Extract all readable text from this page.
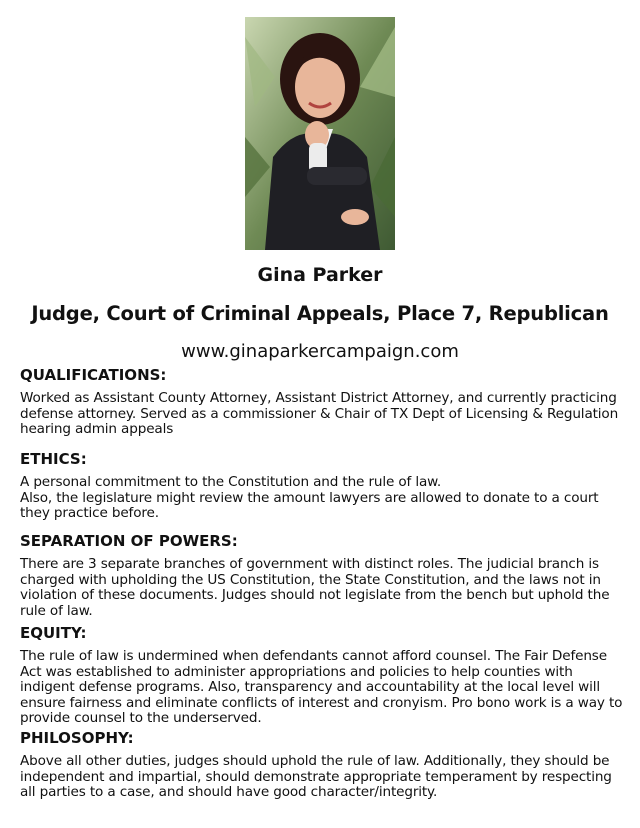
Gina Parker
Judge, Court of Criminal Appeals, Place 7, Republican
www.ginaparkercampaign.com
QUALIFICATIONS:

Worked as Assistant County Attorney, Assistant District Attorney, and currently practicing defense attorney. Served as a commissioner & Chair of TX Dept of Licensing & Regulation hearing admin appeals

ETHICS:

A personal commitment to the Constitution and the rule of law.

Also, the legislature might review the amount lawyers are allowed to donate to a court they practice before.

SEPARATION OF POWERS:

There are 3 separate branches of government with distinct roles. The judicial branch is charged with upholding the US Constitution, the State Constitution, and the laws not in violation of these documents. Judges should not legislate from the bench but uphold the rule of law.

EQUITY:

The rule of law is undermined when defendants cannot afford counsel. The Fair Defense Act was established to administer appropriations and policies to help counties with indigent defense programs. Also, transparency and accountability at the local level will ensure fairness and eliminate conflicts of interest and cronyism. Pro bono work is a way to provide counsel to the underserved.

PHILOSOPHY:

Above all other duties, judges should uphold the rule of law. Additionally, they should be independent and impartial, should demonstrate appropriate temperament by respecting all parties to a case, and should have good character/integrity.
